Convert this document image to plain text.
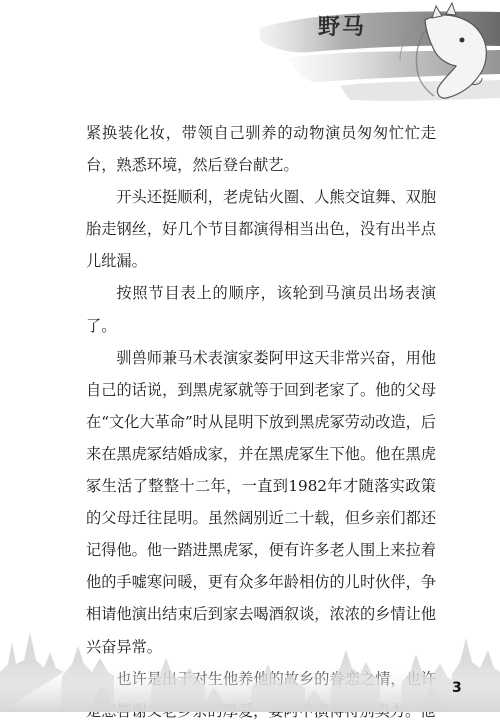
野马

紧换装化妆，带领自己驯养的动物演员匆匆忙忙走台，熟悉环境，然后登台献艺。

开头还挺顺利，老虎钻火圈、人熊交谊舞、双胞胎走钢丝，好几个节目都演得相当出色，没有出半点儿纰漏。

按照节目表上的顺序，该轮到马演员出场表演了。

驯兽师兼马术表演家娄阿甲这天非常兴奋，用他自己的话说，到黑虎冢就等于回到老家了。他的父母在“文化大革命”时从昆明下放到黑虎冢劳动改造，后来在黑虎冢结婚成家，并在黑虎冢生下他。他在黑虎冢生活了整整十二年，一直到1982年才随落实政策的父母迁往昆明。虽然阔别近二十载，但乡亲们都还记得他。他一踏进黑虎冢，便有许多老人围上来拉着他的手嘘寒问暖，更有众多年龄相仿的儿时伙伴，争相请他演出结束后到家去喝酒叙谈，浓浓的乡情让他兴奋异常。

3
